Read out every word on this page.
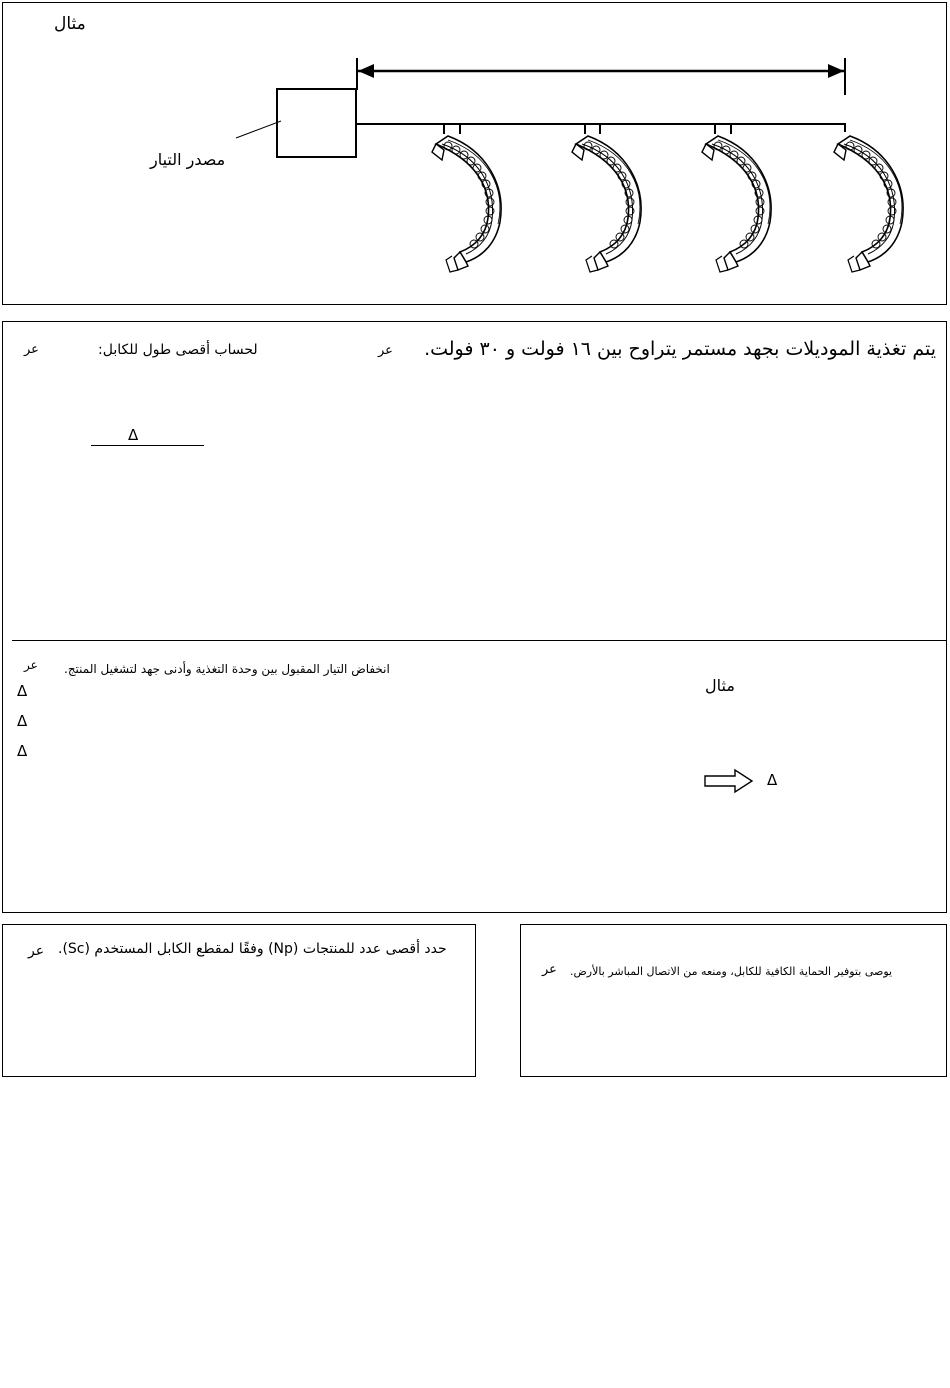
مثال
مصدر التيار
يتم تغذية الموديلات بجهد مستمر يتراوح بين ١٦ فولت و ٣٠ فولت.
عر
لحساب أقصى طول للكابل:
عر
Δ
انخفاض التيار المقبول بين وحدة التغذية وأدنى جهد لتشغيل المنتج.
عر
Δ
Δ
Δ
مثال
Δ
حدد أقصى عدد للمنتجات (Np) وفقًا لمقطع الكابل المستخدم (Sc).
عر
يوصى بتوفير الحماية الكافية للكابل، ومنعه من الاتصال المباشر بالأرض.
عر
